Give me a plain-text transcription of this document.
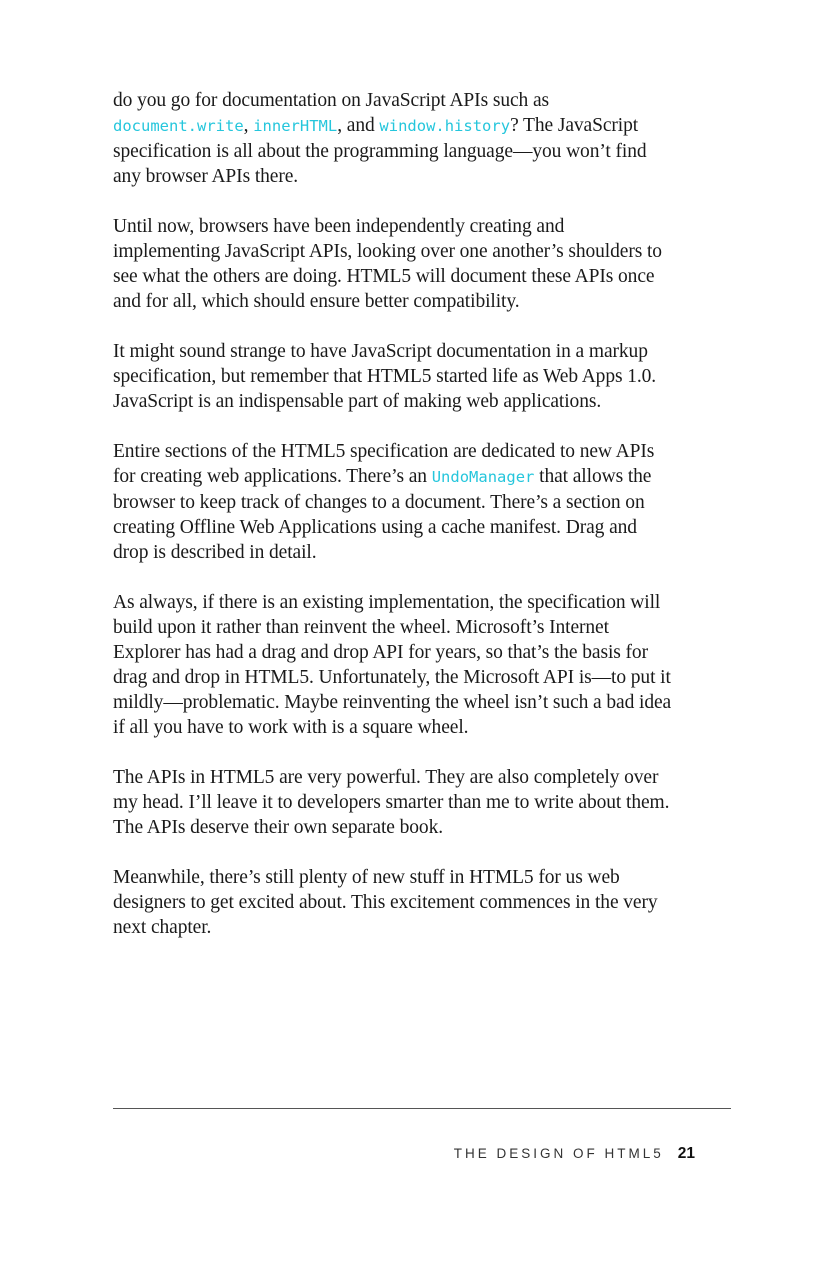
do you go for documentation on JavaScript APIs such as document.write, innerHTML, and window.history? The JavaScript specification is all about the programming language—you won’t find any browser APIs there.

Until now, browsers have been independently creating and implementing JavaScript APIs, looking over one another’s shoulders to see what the others are doing. HTML5 will document these APIs once and for all, which should ensure better compatibility.

It might sound strange to have JavaScript documentation in a markup specification, but remember that HTML5 started life as Web Apps 1.0. JavaScript is an indispensable part of making web applications.

Entire sections of the HTML5 specification are dedicated to new APIs for creating web applications. There’s an UndoManager that allows the browser to keep track of changes to a document. There’s a section on creating Offline Web Applications using a cache manifest. Drag and drop is described in detail.

As always, if there is an existing implementation, the specification will build upon it rather than reinvent the wheel. Microsoft’s Internet Explorer has had a drag and drop API for years, so that’s the basis for drag and drop in HTML5. Unfortunately, the Microsoft API is—to put it mildly—problematic. Maybe reinventing the wheel isn’t such a bad idea if all you have to work with is a square wheel.

The APIs in HTML5 are very powerful. They are also completely over my head. I’ll leave it to developers smarter than me to write about them. The APIs deserve their own separate book.

Meanwhile, there’s still plenty of new stuff in HTML5 for us web designers to get excited about. This excitement commences in the very next chapter.

THE DESIGN OF HTML5 21
